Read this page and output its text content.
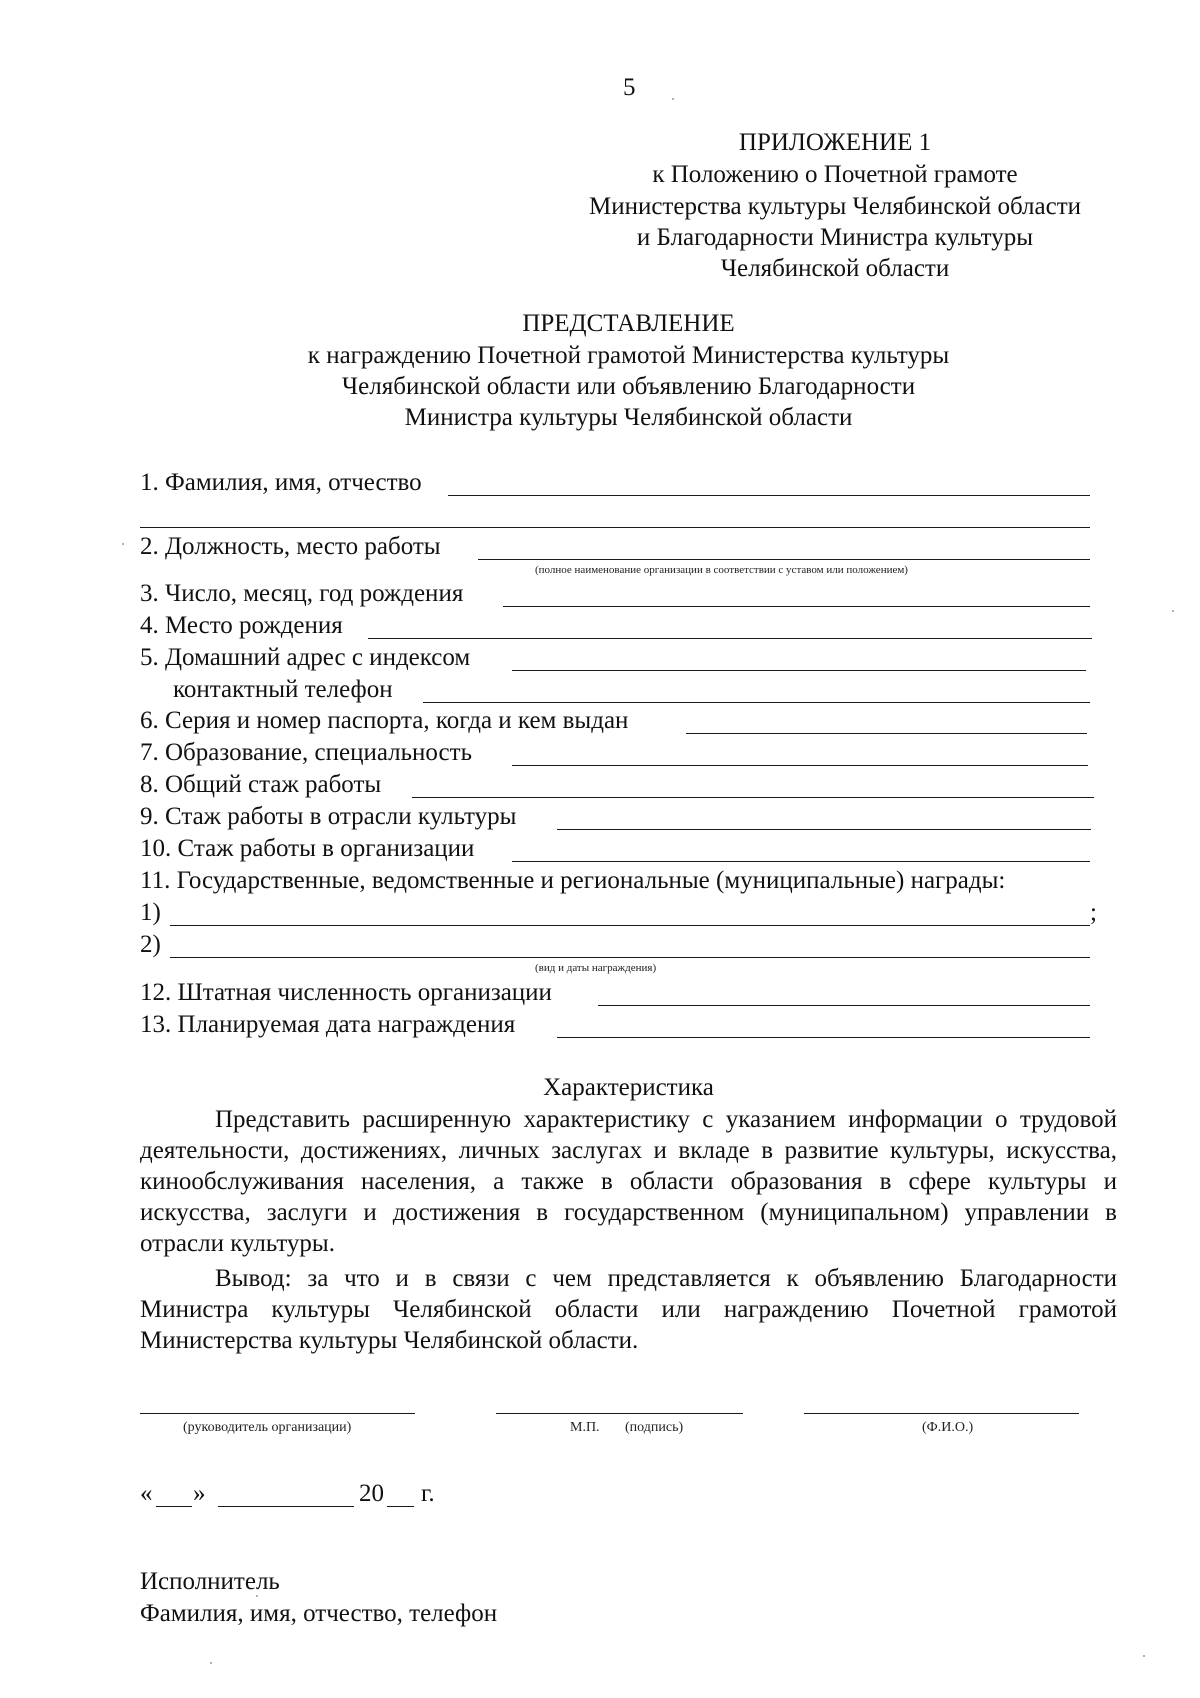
5
ПРИЛОЖЕНИЕ 1
к Положению о Почетной грамоте
Министерства культуры Челябинской области
и Благодарности Министра культуры
Челябинской области
ПРЕДСТАВЛЕНИЕ
к награждению Почетной грамотой Министерства культуры
Челябинской области или объявлению Благодарности
Министра культуры Челябинской области
1. Фамилия, имя, отчество
2. Должность, место работы
(полное наименование организации в соответствии с уставом или положением)
3. Число, месяц, год рождения
4. Место рождения
5. Домашний адрес с индексом
контактный телефон
6. Серия и номер паспорта, когда и кем выдан
7. Образование, специальность
8. Общий стаж работы
9. Стаж работы в отрасли культуры
10. Стаж работы в организации
11. Государственные, ведомственные и региональные (муниципальные) награды:
1)	;
2)
(вид и даты награждения)
12. Штатная численность организации
13. Планируемая дата награждения
Характеристика
Представить расширенную характеристику с указанием информации о трудовой деятельности, достижениях, личных заслугах и вкладе в развитие культуры, искусства, кинообслуживания населения, а также в области образования в сфере культуры и искусства, заслуги и достижения в государственном (муниципальном) управлении в отрасли культуры.
Вывод: за что и в связи с чем представляется к объявлению Благодарности Министра культуры Челябинской области или награждению Почетной грамотой Министерства культуры Челябинской области.
(руководитель организации)	М.П. (подпись)	(Ф.И.О.)
« »	20 г.
Исполнитель
Фамилия, имя, отчество, телефон
